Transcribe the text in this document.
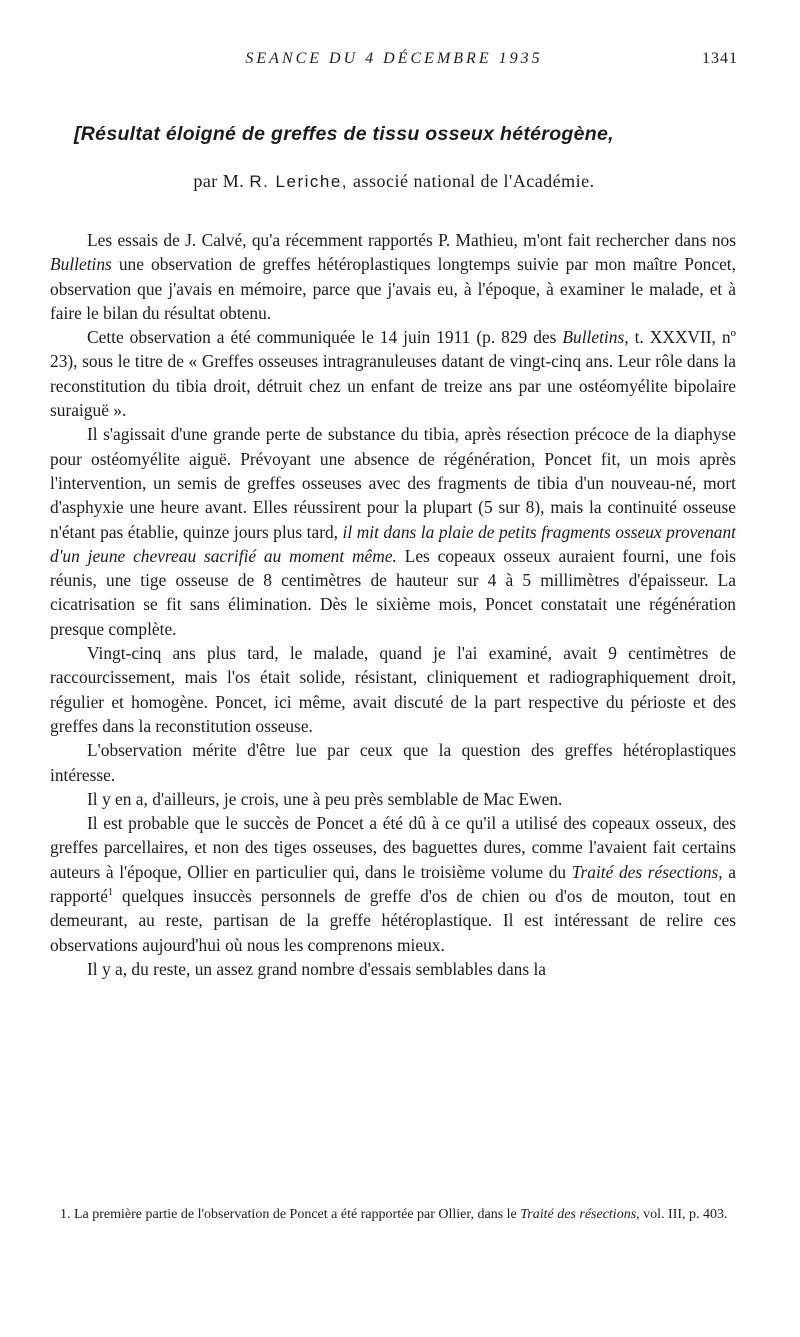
SEANCE DU 4 DÉCEMBRE 1935	1341
[Résultat éloigné de greffes de tissu osseux hétérogène,
par M. R. Leriche, associé national de l'Académie.

Les essais de J. Calvé, qu'a récemment rapportés P. Mathieu, m'ont fait rechercher dans nos Bulletins une observation de greffes hétéroplastiques longtemps suivie par mon maître Poncet, observation que j'avais en mémoire, parce que j'avais eu, à l'époque, à examiner le malade, et à faire le bilan du résultat obtenu.

Cette observation a été communiquée le 14 juin 1911 (p. 829 des Bulletins, t. XXXVII, nº 23), sous le titre de « Greffes osseuses intragranuleuses datant de vingt-cinq ans. Leur rôle dans la reconstitution du tibia droit, détruit chez un enfant de treize ans par une ostéomyélite bipolaire suraiguë ».

Il s'agissait d'une grande perte de substance du tibia, après résection précoce de la diaphyse pour ostéomyélite aiguë. Prévoyant une absence de régénération, Poncet fit, un mois après l'intervention, un semis de greffes osseuses avec des fragments de tibia d'un nouveau-né, mort d'asphyxie une heure avant. Elles réussirent pour la plupart (5 sur 8), mais la continuité osseuse n'étant pas établie, quinze jours plus tard, il mit dans la plaie de petits fragments osseux provenant d'un jeune chevreau sacrifié au moment même. Les copeaux osseux auraient fourni, une fois réunis, une tige osseuse de 8 centimètres de hauteur sur 4 à 5 millimètres d'épaisseur. La cicatrisation se fit sans élimination. Dès le sixième mois, Poncet constatait une régénération presque complète.

Vingt-cinq ans plus tard, le malade, quand je l'ai examiné, avait 9 centimètres de raccourcissement, mais l'os était solide, résistant, cliniquement et radiographiquement droit, régulier et homogène. Poncet, ici même, avait discuté de la part respective du périoste et des greffes dans la reconstitution osseuse.

L'observation mérite d'être lue par ceux que la question des greffes hétéroplastiques intéresse.

Il y en a, d'ailleurs, je crois, une à peu près semblable de Mac Ewen.

Il est probable que le succès de Poncet a été dû à ce qu'il a utilisé des copeaux osseux, des greffes parcellaires, et non des tiges osseuses, des baguettes dures, comme l'avaient fait certains auteurs à l'époque, Ollier en particulier qui, dans le troisième volume du Traité des résections, a rapporté$^1$ quelques insuccès personnels de greffe d'os de chien ou d'os de mouton, tout en demeurant, au reste, partisan de la greffe hétéroplastique. Il est intéressant de relire ces observations aujourd'hui où nous les comprenons mieux.

Il y a, du reste, un assez grand nombre d'essais semblables dans la

1. La première partie de l'observation de Poncet a été rapportée par Ollier, dans le Traité des résections, vol. III, p. 403.
